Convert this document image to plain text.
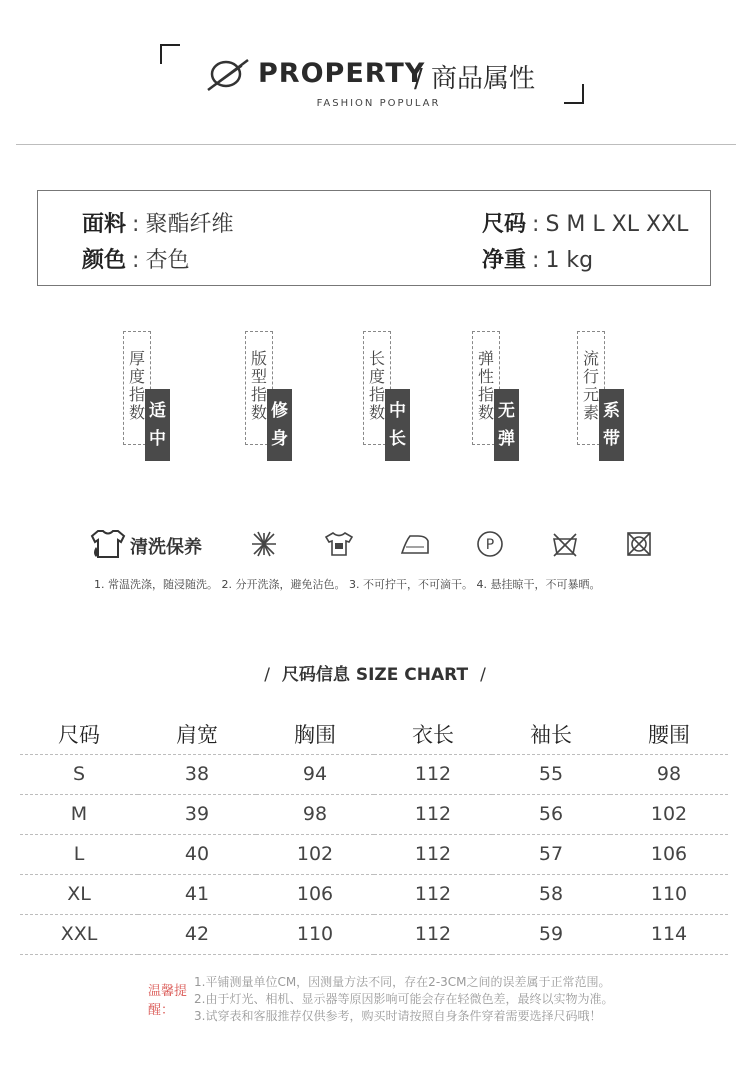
PROPERTY
/ 商品属性
FASHION POPULAR
面料 : 聚酯纤维
颜色 : 杏色
尺码 : S M L XL XXL
净重 : 1 kg
厚
度
指
数 适
中
版
型
指
数 修
身
长
度
指
数 中
长
弹
性
指
数 无
弹
流
行
元
素 系
带
清洗保养	P
1. 常温洗涤，随浸随洗。 2. 分开洗涤，避免沾色。 3. 不可拧干，不可滴干。 4. 悬挂晾干，不可暴晒。
/ 尺码信息 SIZE CHART /
尺码	肩宽	胸围	衣长	袖长	腰围
S	38	94	112	55	98
M	39	98	112	56	102
L	40	102	112	57	106
XL	41	106	112	58	110
XXL	42	110	112	59	114
温馨提醒：
1.平铺测量单位CM，因测量方法不同，存在2-3CM之间的误差属于正常范围。
2.由于灯光、相机、显示器等原因影响可能会存在轻微色差，最终以实物为准。
3.试穿表和客服推荐仅供参考，购买时请按照自身条件穿着需要选择尺码哦！
